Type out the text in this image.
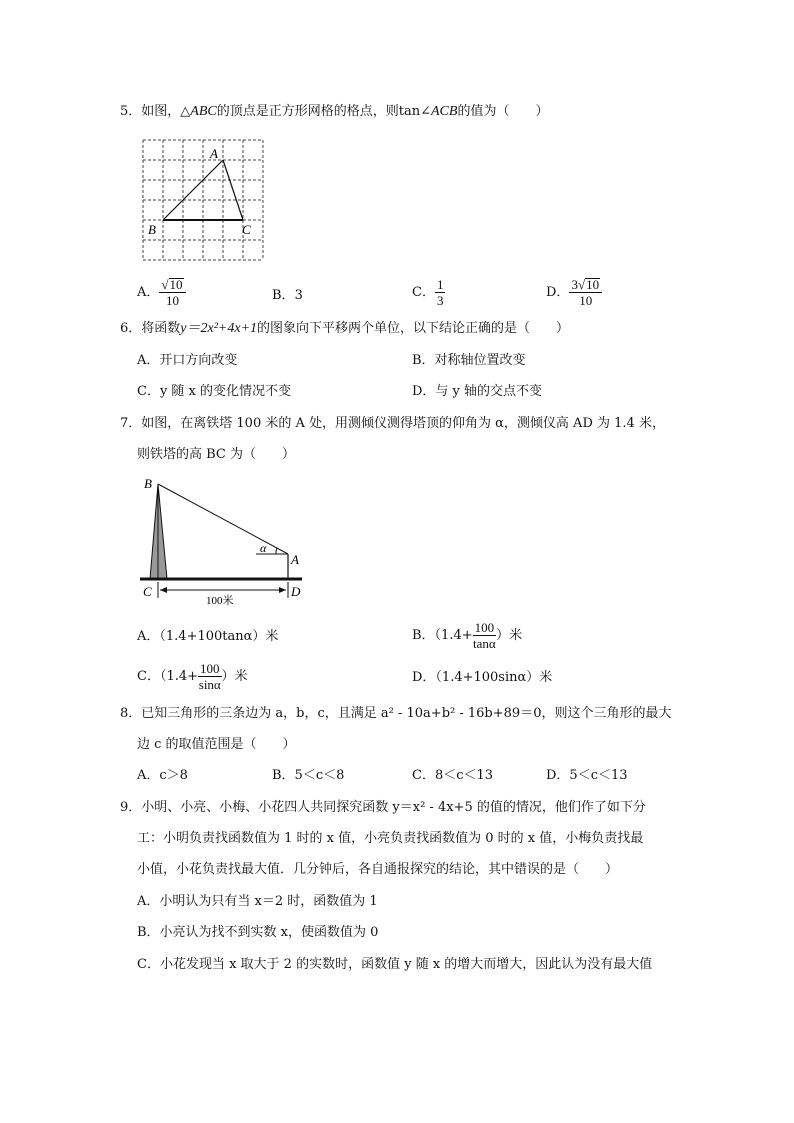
5．如图，△ABC的顶点是正方形网格的格点，则tan∠ACB的值为（　　）
A
B	C
A． $\frac{√10}{10}$	B．3	C． $\frac{1}{3}$	D． $\frac{3√10}{10}$
6．将函数y＝2x²+4x+1的图象向下平移两个单位，以下结论正确的是（　　）
A．开口方向改变	B．对称轴位置改变
C．y 随 x 的变化情况不变	D．与 y 轴的交点不变
7．如图，在离铁塔 100 米的 A 处，用测倾仪测得塔顶的仰角为 α，测倾仪高 AD 为 1.4 米，
则铁塔的高 BC 为（　　）
B
α
A
C	D
100米
A．（1.4+100tanα）米	B．（$1.4+ \frac{100}{\tan\alpha}$ ）米
C．（$1.4+ \frac{100}{\sin\alpha}$ ）米	D．（1.4+100sinα）米
8．已知三角形的三条边为 a，b，c，且满足 a² - 10a+b² - 16b+89＝0，则这个三角形的最大
边 c 的取值范围是（　　）
A．c＞8	B．5＜c＜8	C．8＜c＜13	D．5＜c＜13
9．小明、小亮、小梅、小花四人共同探究函数 y＝x² - 4x+5 的值的情况，他们作了如下分
工：小明负责找函数值为 1 时的 x 值，小亮负责找函数值为 0 时的 x 值，小梅负责找最
小值，小花负责找最大值．几分钟后，各自通报探究的结论，其中错误的是（　　）
A．小明认为只有当 x＝2 时，函数值为 1
B．小亮认为找不到实数 x，使函数值为 0
C．小花发现当 x 取大于 2 的实数时，函数值 y 随 x 的增大而增大，因此认为没有最大值
